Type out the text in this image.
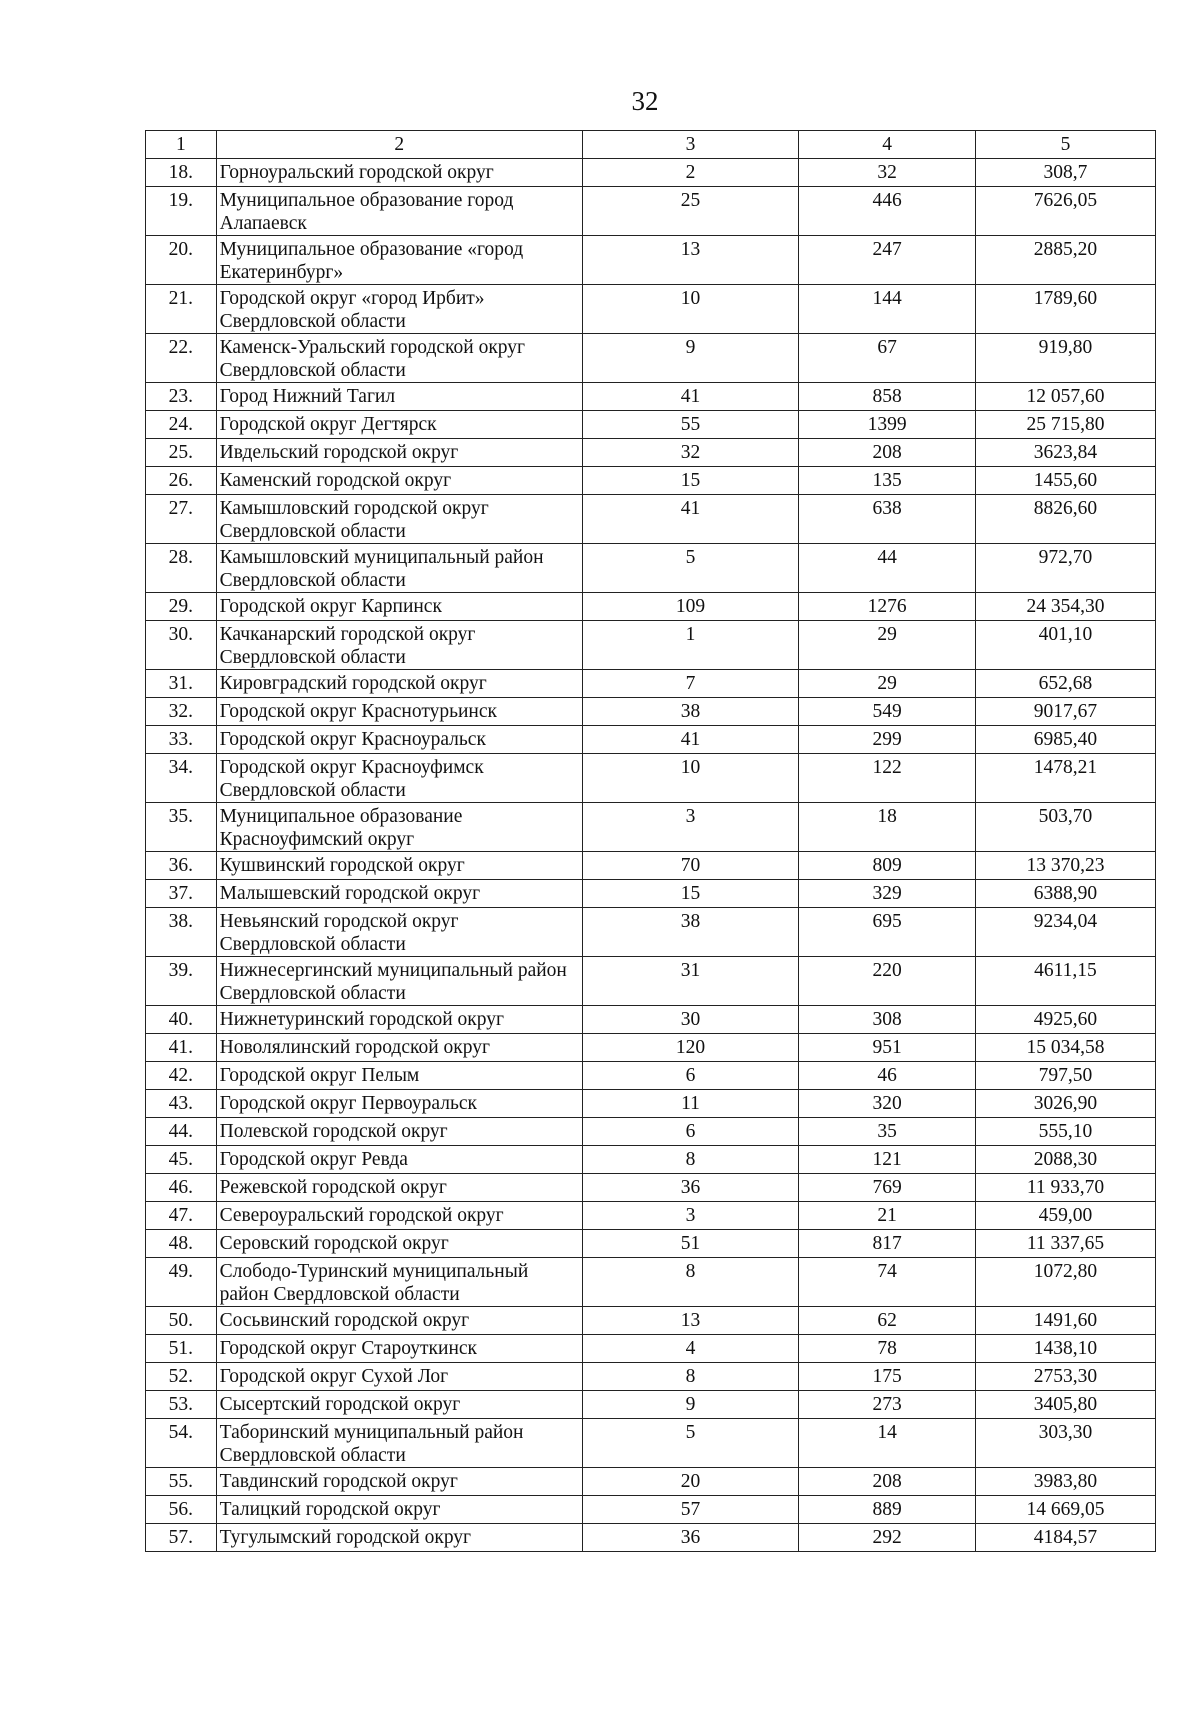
32
1	2	3	4	5
18.	Горноуральский городской округ	2	32	308,7
19.	Муниципальное образование город Алапаевск	25	446	7626,05
20.	Муниципальное образование «город Екатеринбург»	13	247	2885,20
21.	Городской округ «город Ирбит» Свердловской области	10	144	1789,60
22.	Каменск-Уральский городской округ Свердловской области	9	67	919,80
23.	Город Нижний Тагил	41	858	12 057,60
24.	Городской округ Дегтярск	55	1399	25 715,80
25.	Ивдельский городской округ	32	208	3623,84
26.	Каменский городской округ	15	135	1455,60
27.	Камышловский городской округ Свердловской области	41	638	8826,60
28.	Камышловский муниципальный район Свердловской области	5	44	972,70
29.	Городской округ Карпинск	109	1276	24 354,30
30.	Качканарский городской округ Свердловской области	1	29	401,10
31.	Кировградский городской округ	7	29	652,68
32.	Городской округ Краснотурьинск	38	549	9017,67
33.	Городской округ Красноуральск	41	299	6985,40
34.	Городской округ Красноуфимск Свердловской области	10	122	1478,21
35.	Муниципальное образование Красноуфимский округ	3	18	503,70
36.	Кушвинский городской округ	70	809	13 370,23
37.	Малышевский городской округ	15	329	6388,90
38.	Невьянский городской округ Свердловской области	38	695	9234,04
39.	Нижнесергинский муниципальный район Свердловской области	31	220	4611,15
40.	Нижнетуринский городской округ	30	308	4925,60
41.	Новолялинский городской округ	120	951	15 034,58
42.	Городской округ Пелым	6	46	797,50
43.	Городской округ Первоуральск	11	320	3026,90
44.	Полевской городской округ	6	35	555,10
45.	Городской округ Ревда	8	121	2088,30
46.	Режевской городской округ	36	769	11 933,70
47.	Североуральский городской округ	3	21	459,00
48.	Серовский городской округ	51	817	11 337,65
49.	Слободо-Туринский муниципальный район Свердловской области	8	74	1072,80
50.	Сосьвинский городской округ	13	62	1491,60
51.	Городской округ Староуткинск	4	78	1438,10
52.	Городской округ Сухой Лог	8	175	2753,30
53.	Сысертский городской округ	9	273	3405,80
54.	Таборинский муниципальный район Свердловской области	5	14	303,30
55.	Тавдинский городской округ	20	208	3983,80
56.	Талицкий городской округ	57	889	14 669,05
57.	Тугулымский городской округ	36	292	4184,57
